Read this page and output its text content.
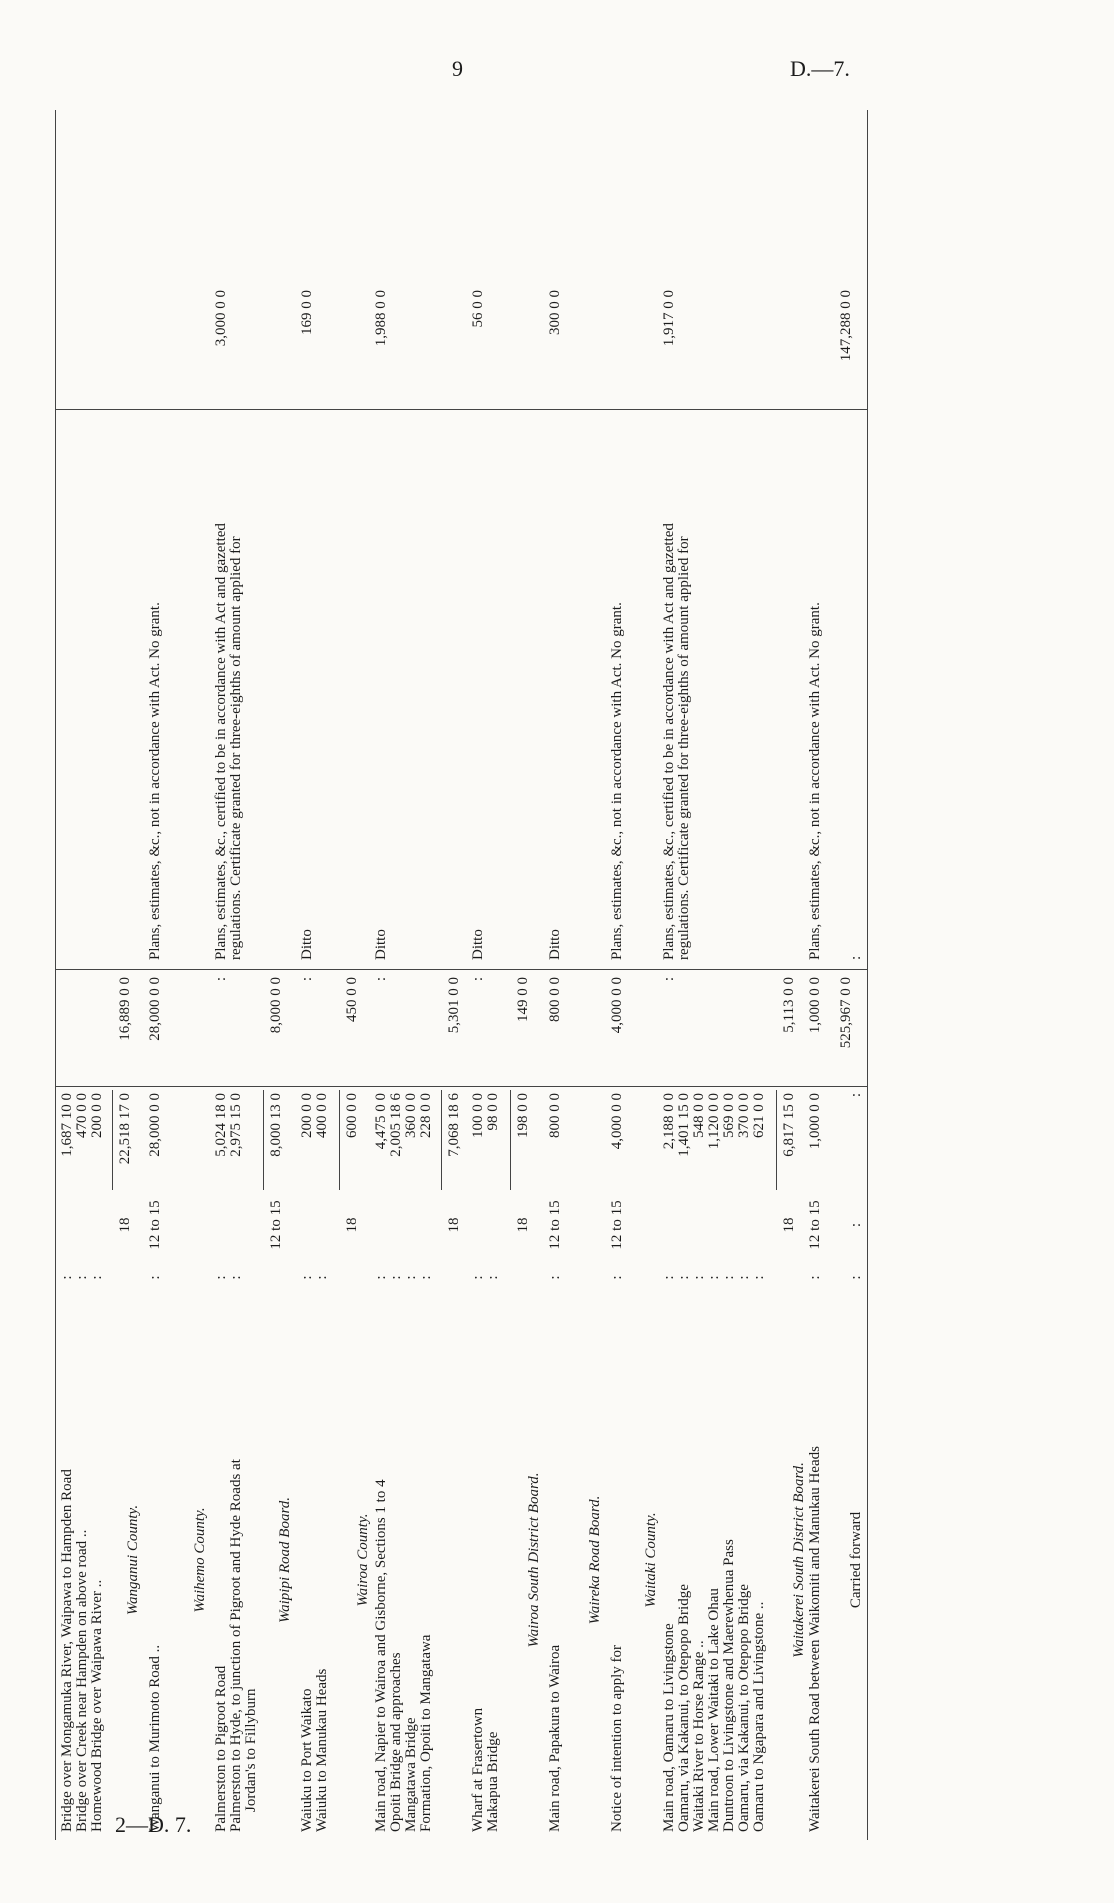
9	D.—7.
2—D. 7.
Bridge over Mongamuka River, Waipawa to Hampden Road
:
1,687 10 0
Bridge over Creek near Hampden on above road ..
:
470 0 0
Homewood Bridge over Waipawa River ..
:
200 0 0
18
22,518 17 0
16,889 0 0
Wanganui County.
Wanganui to Murimoto Road ..
:
12 to 15
28,000 0 0
28,000 0 0
Plans, estimates, &c., not in accordance with Act. No grant.
Waihemo County.
Palmerston to Pigroot Road
:
5,024 18 0
:
Plans, estimates, &c., certified to be in accordance with Act and gazetted
3,000 0 0
Palmerston to Hyde, to junction of Pigroot and Hyde Roads at
:
2,975 15 0
regulations. Certificate granted for three-eighths of amount applied for
Jordan's to Fillyburn
12 to 15
8,000 13 0
8,000 0 0
Waipipi Road Board.
Waiuku to Port Waikato
:
200 0 0
:
Ditto
169 0 0
Waiuku to Manukau Heads
:
400 0 0
18
600 0 0
450 0 0
Wairoa County. Main road, Napier to Wairoa and Gisborne, Sections 1 to 4
:
4,475 0 0
:
Ditto
1,988 0 0
Opoiti Bridge and approaches
:
2,005 18 6
Mangatawa Bridge
:
360 0 0
Formation, Opoiti to Mangatawa
:
228 0 0
18
7,068 18 6
5,301 0 0
Wharf at Frasertown
:
100 0 0
:
Ditto
56 0 0
Makapua Bridge
:
98 0 0
18
198 0 0
149 0 0
Wairoa South District Board.
Main road, Papakura to Wairoa
:
12 to 15
800 0 0
800 0 0
Ditto
300 0 0
Waireka Road Board.
Notice of intention to apply for
:
12 to 15
4,000 0 0
4,000 0 0
Plans, estimates, &c., not in accordance with Act. No grant.
Waitaki County.
Main road, Oamaru to Livingstone
:
2,188 0 0
:
Plans, estimates, &c., certified to be in accordance with Act and gazetted
1,917 0 0
Oamaru, via Kakanui, to Otepopo Bridge
:
1,401 15 0
regulations. Certificate granted for three-eighths of amount applied for
Waitaki River to Horse Range ..
:
548 0 0
Main road, Lower Waitaki to Lake Ohau
:
1,120 0 0
Duntroon to Livingstone and Maerewhenua Pass
:
569 0 0
Oamaru, via Kakanui, to Otepopo Bridge
:
370 0 0
Oamaru to Ngapara and Livingstone ..
:
621 0 0
18
6,817 15 0
5,113 0 0
Waitakerei South District Board. Waitakerei South Road between Waikomiti and Manukau Heads
:
12 to 15
1,000 0 0
1,000 0 0
Plans, estimates, &c., not in accordance with Act. No grant.
525,967 0 0
147,288 0 0
Carried forward
:
:
:
:
